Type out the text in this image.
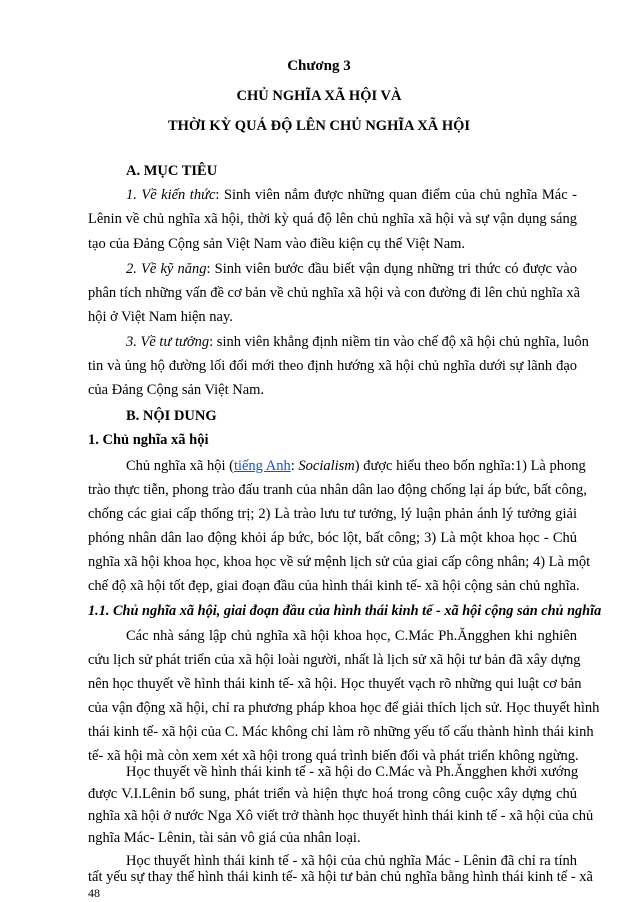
Chương 3
CHỦ NGHĨA XÃ HỘI VÀ
THỜI KỲ QUÁ ĐỘ LÊN CHỦ NGHĨA XÃ HỘI
A. MỤC TIÊU
1. Về kiến thức: Sinh viên nắm được những quan điểm của chủ nghĩa Mác -
Lênin về chủ nghĩa xã hội, thời kỳ quá độ lên chủ nghĩa xã hội và sự vận dụng sáng
tạo của Đảng Cộng sản Việt Nam vào điều kiện cụ thể Việt Nam.
2. Về kỹ năng: Sinh viên bước đầu biết vận dụng những tri thức có được vào
phân tích những vấn đề cơ bản về chủ nghĩa xã hội và con đường đi lên chủ nghĩa xã
hội ở Việt Nam hiện nay.
3. Về tư tưởng: sinh viên khẳng định niềm tin vào chế độ xã hội chủ nghĩa, luôn
tin và ủng hộ đường lối đổi mới theo định hướng xã hội chủ nghĩa dưới sự lãnh đạo
của Đảng Cộng sản Việt Nam.
B. NỘI DUNG
1. Chủ nghĩa xã hội
Chủ nghĩa xã hội (tiếng Anh: Socialism) được hiểu theo bốn nghĩa:1) Là phong
trào thực tiễn, phong trào đấu tranh của nhân dân lao động chống lại áp bức, bất công,
chống các giai cấp thống trị; 2) Là trào lưu tư tưởng, lý luận phản ánh lý tưởng giải
phóng nhân dân lao động khỏi áp bức, bóc lột, bất công; 3) Là một khoa học - Chủ
nghĩa xã hội khoa học, khoa học về sứ mệnh lịch sử của giai cấp công nhân; 4) Là một
chế độ xã hội tốt đẹp, giai đoạn đầu của hình thái kinh tế- xã hội cộng sản chủ nghĩa.
1.1. Chủ nghĩa xã hội, giai đoạn đầu của hình thái kinh tế - xã hội cộng sản chủ nghĩa
Các nhà sáng lập chủ nghĩa xã hội khoa học, C.Mác Ph.Ăngghen khi nghiên
cứu lịch sử phát triển của xã hội loài người, nhất là lịch sử xã hội tư bản đã xây dựng
nên học thuyết về hình thái kinh tế- xã hội. Học thuyết vạch rõ những qui luật cơ bản
của vận động xã hội, chỉ ra phương pháp khoa học để giải thích lịch sử. Học thuyết hình
thái kinh tế- xã hội của C. Mác không chỉ làm rõ những yếu tố cấu thành hình thái kinh
tế- xã hội mà còn xem xét xã hội trong quá trình biến đổi và phát triển không ngừng.
Học thuyết về hình thái kinh tế - xã hội do C.Mác và Ph.Ăngghen khởi xướng
được V.I.Lênin bổ sung, phát triển và hiện thực hoá trong công cuộc xây dựng chủ
nghĩa xã hội ở nước Nga Xô viết trở thành học thuyết hình thái kinh tế - xã hội của chủ
nghĩa Mác- Lênin, tài sản vô giá của nhân loại.
Học thuyết hình thái kinh tế - xã hội của chủ nghĩa Mác - Lênin đã chỉ ra tính
tất yếu sự thay thế hình thái kinh tế- xã hội tư bản chủ nghĩa bằng hình thái kinh tế - xã
48
